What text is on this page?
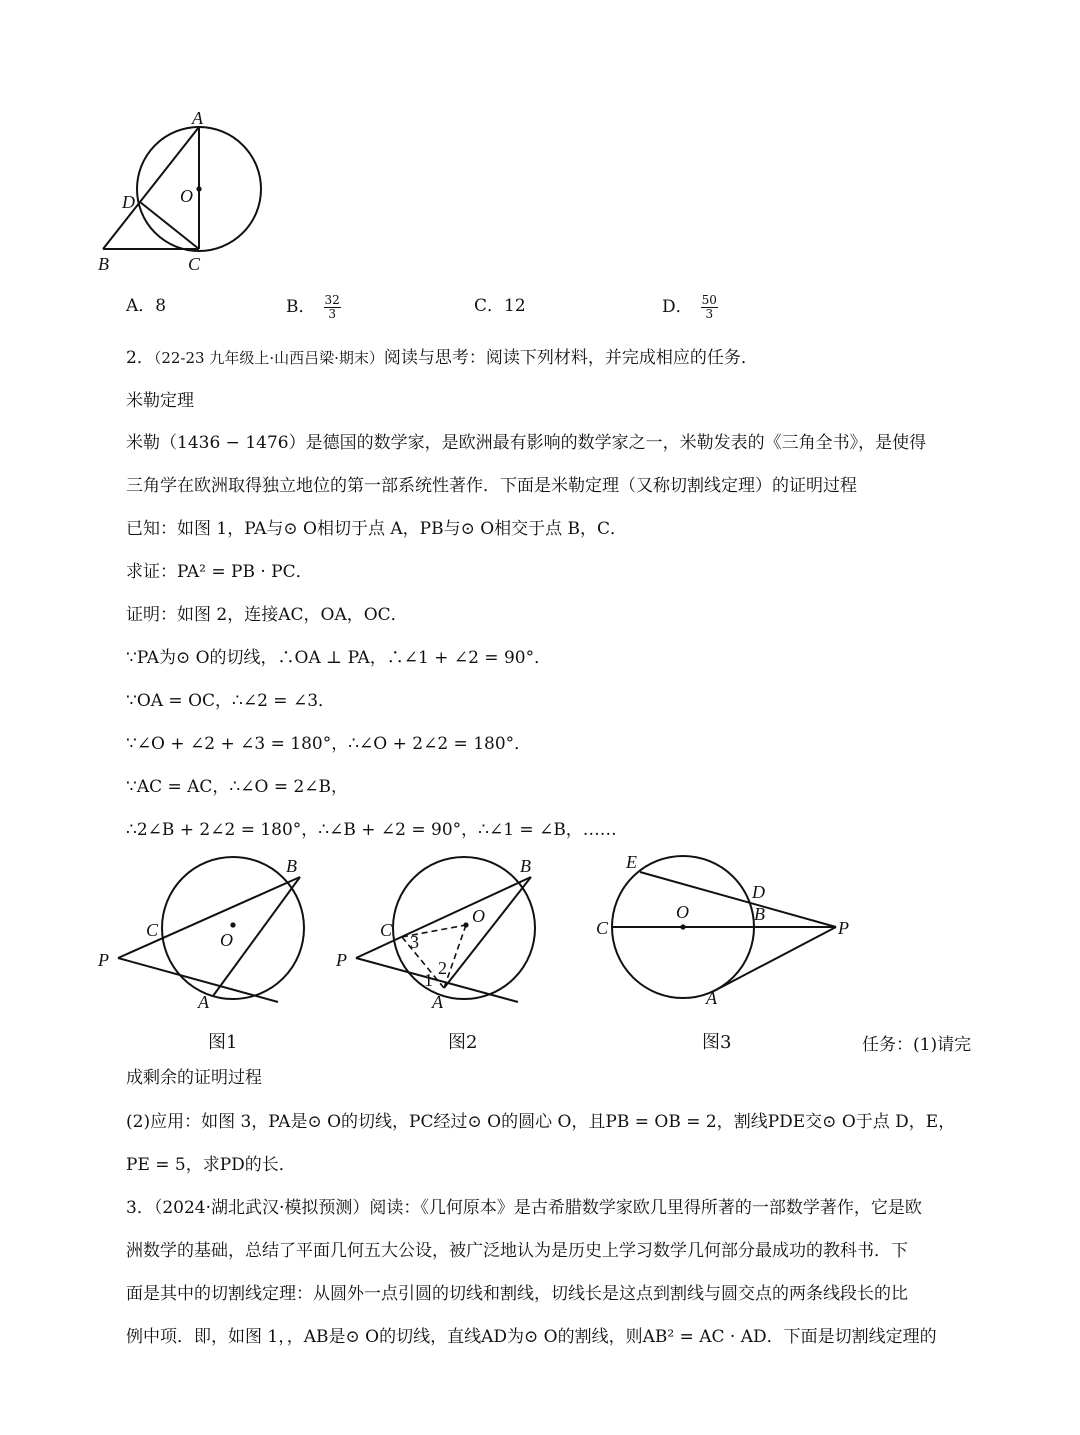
A
D	O
B	C
A．8	B． $\frac{32}{3}$	C．12	D． $\frac{50}{3}$
2．（22-23 九年级上·山西吕梁·期末）阅读与思考：阅读下列材料，并完成相应的任务．
米勒定理
米勒（1436 − 1476）是德国的数学家，是欧洲最有影响的数学家之一，米勒发表的《三角全书》，是使得
三角学在欧洲取得独立地位的第一部系统性著作．下面是米勒定理（又称切割线定理）的证明过程
已知：如图 1，PA与⊙ O相切于点 A，PB与⊙ O相交于点 B，C．
求证：PA² = PB · PC．
证明：如图 2，连接AC，OA，OC．
∵PA为⊙ O的切线，∴OA ⊥ PA，∴∠1 + ∠2 = 90°．
∵OA = OC，∴∠2 = ∠3．
∵∠O + ∠2 + ∠3 = 180°，∴∠O + 2∠2 = 180°．
∵AC = AC，∴∠O = 2∠B，
∴2∠B + 2∠2 = 180°，∴∠B + ∠2 = 90°，∴∠1 = ∠B，……
B
C	O
P
A
B
C
O
P
A
3
2
1
E
D
O	B
C	P
A
图1	图2	图3	任务：(1)请完
成剩余的证明过程
(2)应用：如图 3，PA是⊙ O的切线，PC经过⊙ O的圆心 O，且PB = OB = 2，割线PDE交⊙ O于点 D，E，
PE = 5，求PD的长．
3．（2024·湖北武汉·模拟预测）阅读：《几何原本》是古希腊数学家欧几里得所著的一部数学著作，它是欧
洲数学的基础，总结了平面几何五大公设，被广泛地认为是历史上学习数学几何部分最成功的教科书．下
面是其中的切割线定理：从圆外一点引圆的切线和割线，切线长是这点到割线与圆交点的两条线段长的比
例中项．即，如图 1，，AB是⊙ O的切线，直线AD为⊙ O的割线，则AB² = AC · AD．下面是切割线定理的
